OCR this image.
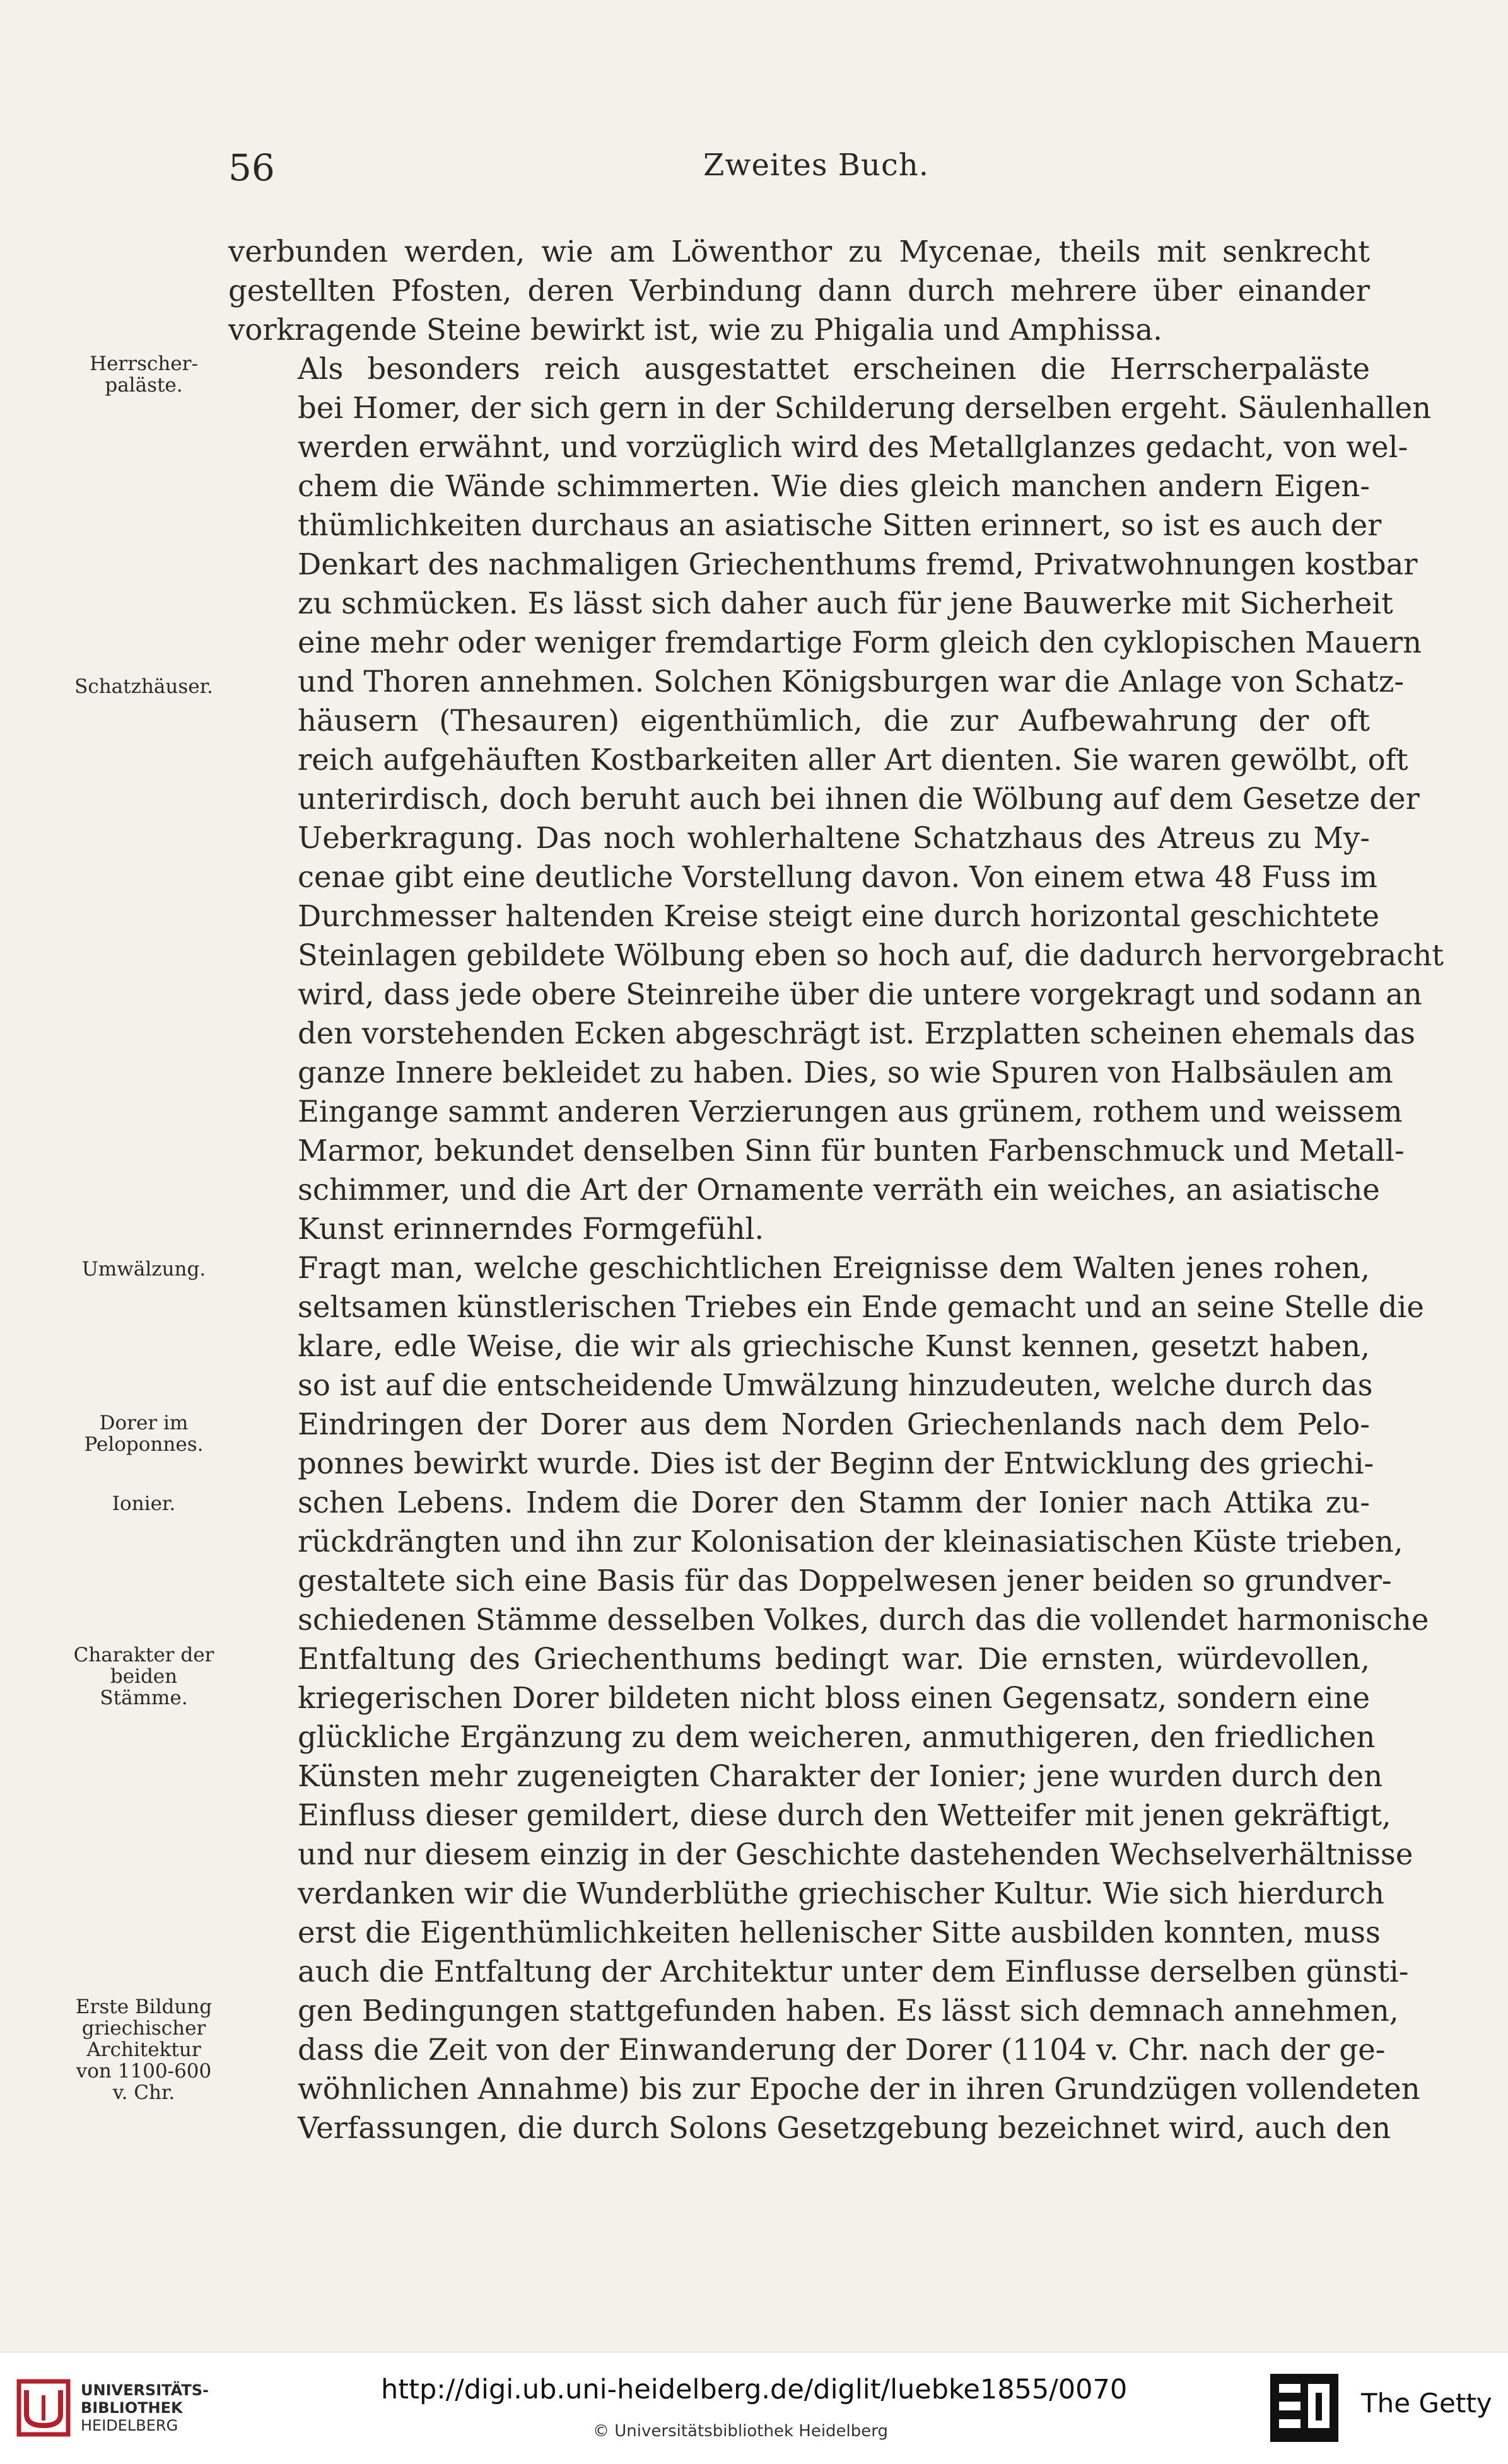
56	Zweites Buch.
Herrscher-
paläste.
Schatzhäuser.
Umwälzung.
Dorer im
Peloponnes.
Ionier.
Charakter der
beiden
Stämme.
Erste Bildung
griechischer
Architektur
von 1100-600
v. Chr.

verbunden werden, wie am Löwenthor zu Mycenae, theils mit senkrecht
gestellten Pfosten, deren Verbindung dann durch mehrere über einander
vorkragende Steine bewirkt ist, wie zu Phigalia und Amphissa.

Als besonders reich ausgestattet erscheinen die Herrscherpaläste
bei Homer, der sich gern in der Schilderung derselben ergeht. Säulenhallen
werden erwähnt, und vorzüglich wird des Metallglanzes gedacht, von wel-
chem die Wände schimmerten. Wie dies gleich manchen andern Eigen-
thümlichkeiten durchaus an asiatische Sitten erinnert, so ist es auch der
Denkart des nachmaligen Griechenthums fremd, Privatwohnungen kostbar
zu schmücken. Es lässt sich daher auch für jene Bauwerke mit Sicherheit
eine mehr oder weniger fremdartige Form gleich den cyklopischen Mauern
und Thoren annehmen. Solchen Königsburgen war die Anlage von Schatz-
häusern (Thesauren) eigenthümlich, die zur Aufbewahrung der oft
reich aufgehäuften Kostbarkeiten aller Art dienten. Sie waren gewölbt, oft
unterirdisch, doch beruht auch bei ihnen die Wölbung auf dem Gesetze der
Ueberkragung. Das noch wohlerhaltene Schatzhaus des Atreus zu My-
cenae gibt eine deutliche Vorstellung davon. Von einem etwa 48 Fuss im
Durchmesser haltenden Kreise steigt eine durch horizontal geschichtete
Steinlagen gebildete Wölbung eben so hoch auf, die dadurch hervorgebracht
wird, dass jede obere Steinreihe über die untere vorgekragt und sodann an
den vorstehenden Ecken abgeschrägt ist. Erzplatten scheinen ehemals das
ganze Innere bekleidet zu haben. Dies, so wie Spuren von Halbsäulen am
Eingange sammt anderen Verzierungen aus grünem, rothem und weissem
Marmor, bekundet denselben Sinn für bunten Farbenschmuck und Metall-
schimmer, und die Art der Ornamente verräth ein weiches, an asiatische
Kunst erinnerndes Formgefühl.

Fragt man, welche geschichtlichen Ereignisse dem Walten jenes rohen,
seltsamen künstlerischen Triebes ein Ende gemacht und an seine Stelle die
klare, edle Weise, die wir als griechische Kunst kennen, gesetzt haben,
so ist auf die entscheidende Umwälzung hinzudeuten, welche durch das
Eindringen der Dorer aus dem Norden Griechenlands nach dem Pelo-
ponnes bewirkt wurde. Dies ist der Beginn der Entwicklung des griechi-
schen Lebens. Indem die Dorer den Stamm der Ionier nach Attika zu-
rückdrängten und ihn zur Kolonisation der kleinasiatischen Küste trieben,
gestaltete sich eine Basis für das Doppelwesen jener beiden so grundver-
schiedenen Stämme desselben Volkes, durch das die vollendet harmonische
Entfaltung des Griechenthums bedingt war. Die ernsten, würdevollen,
kriegerischen Dorer bildeten nicht bloss einen Gegensatz, sondern eine
glückliche Ergänzung zu dem weicheren, anmuthigeren, den friedlichen
Künsten mehr zugeneigten Charakter der Ionier; jene wurden durch den
Einfluss dieser gemildert, diese durch den Wetteifer mit jenen gekräftigt,
und nur diesem einzig in der Geschichte dastehenden Wechselverhältnisse
verdanken wir die Wunderblüthe griechischer Kultur. Wie sich hierdurch
erst die Eigenthümlichkeiten hellenischer Sitte ausbilden konnten, muss
auch die Entfaltung der Architektur unter dem Einflusse derselben günsti-
gen Bedingungen stattgefunden haben. Es lässt sich demnach annehmen,
dass die Zeit von der Einwanderung der Dorer (1104 v. Chr. nach der ge-
wöhnlichen Annahme) bis zur Epoche der in ihren Grundzügen vollendeten
Verfassungen, die durch Solons Gesetzgebung bezeichnet wird, auch den

UNIVERSITÄTS-
BIBLIOTHEK
HEIDELBERG
http://digi.ub.uni-heidelberg.de/diglit/luebke1855/0070
© Universitätsbibliothek Heidelberg
The Getty
